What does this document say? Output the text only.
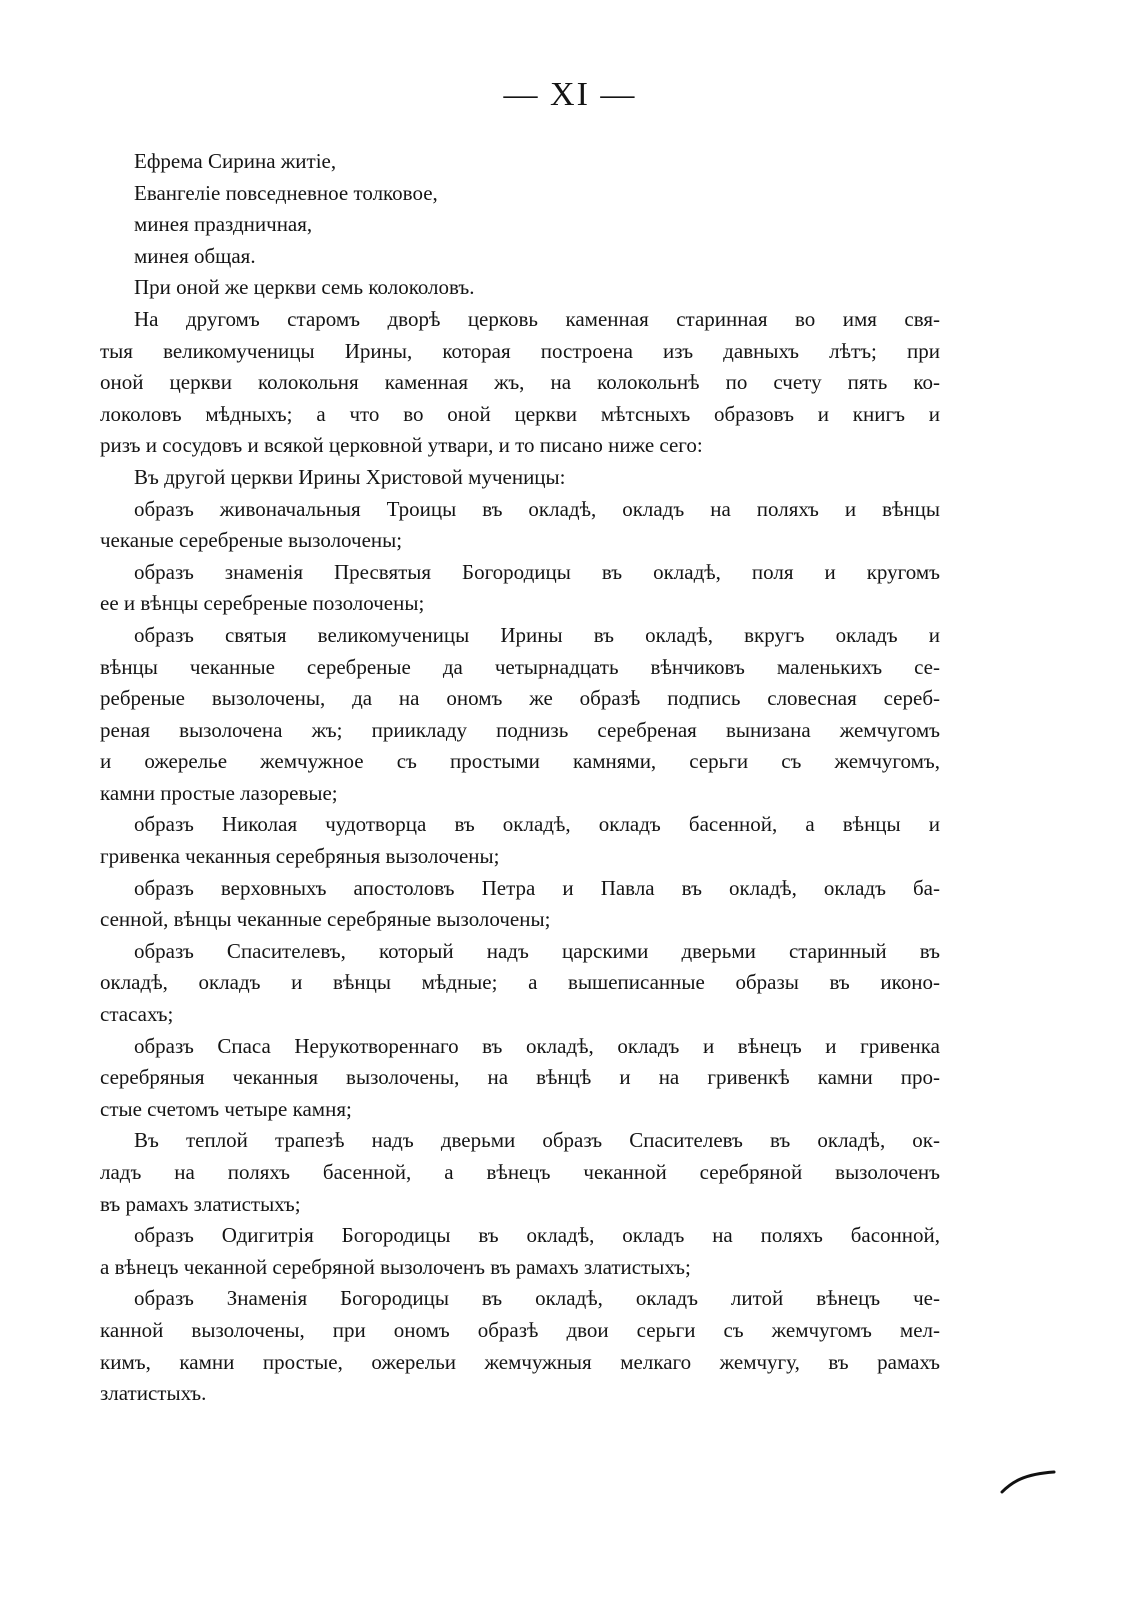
— XI —
Ефрема Сирина житіе,
Евангеліе повседневное толковое,
минея праздничная,
минея общая.
При оной же церкви семь колоколовъ.
На другомъ старомъ дворѣ церковь каменная старинная во имя свя-
тыя великомученицы Ирины, которая построена изъ давныхъ лѣтъ; при
оной церкви колокольня каменная жъ, на колокольнѣ по счету пять ко-
локоловъ мѣдныхъ; а что во оной церкви мѣтсныхъ образовъ и книгъ и
ризъ и сосудовъ и всякой церковной утвари, и то писано ниже сего:
Въ другой церкви Ирины Христовой мученицы:
образъ живоначальныя Троицы въ окладѣ, окладъ на поляхъ и вѣнцы
чеканые серебреные вызолочены;
образъ знаменія Пресвятыя Богородицы въ окладѣ, поля и кругомъ
ее и вѣнцы серебреные позолочены;
образъ святыя великомученицы Ирины въ окладѣ, вкругъ окладъ и
вѣнцы чеканные серебреные да четырнадцать вѣнчиковъ маленькихъ се-
ребреные вызолочены, да на ономъ же образѣ подпись словесная сереб-
реная вызолочена жъ; приикладу поднизь серебреная вынизана жемчугомъ
и ожерелье жемчужное съ простыми камнями, серьги съ жемчугомъ,
камни простые лазоревые;
образъ Николая чудотворца въ окладѣ, окладъ басенной, а вѣнцы и
гривенка чеканныя серебряныя вызолочены;
образъ верховныхъ апостоловъ Петра и Павла въ окладѣ, окладъ ба-
сенной, вѣнцы чеканные серебряные вызолочены;
образъ Спасителевъ, который надъ царскими дверьми старинный въ
окладѣ, окладъ и вѣнцы мѣдные; а вышеписанные образы въ иконо-
стасахъ;
образъ Спаса Нерукотвореннаго въ окладѣ, окладъ и вѣнецъ и гривенка
серебряныя чеканныя вызолочены, на вѣнцѣ и на гривенкѣ камни про-
стые счетомъ четыре камня;
Въ теплой трапезѣ надъ дверьми образъ Спасителевъ въ окладѣ, ок-
ладъ на поляхъ басенной, а вѣнецъ чеканной серебряной вызолоченъ
въ рамахъ златистыхъ;
образъ Одигитрія Богородицы въ окладѣ, окладъ на поляхъ басонной,
а вѣнецъ чеканной серебряной вызолоченъ въ рамахъ златистыхъ;
образъ Знаменія Богородицы въ окладѣ, окладъ литой вѣнецъ че-
канной вызолочены, при ономъ образѣ двои серьги съ жемчугомъ мел-
кимъ, камни простые, ожерельи жемчужныя мелкаго жемчугу, въ рамахъ
златистыхъ.
